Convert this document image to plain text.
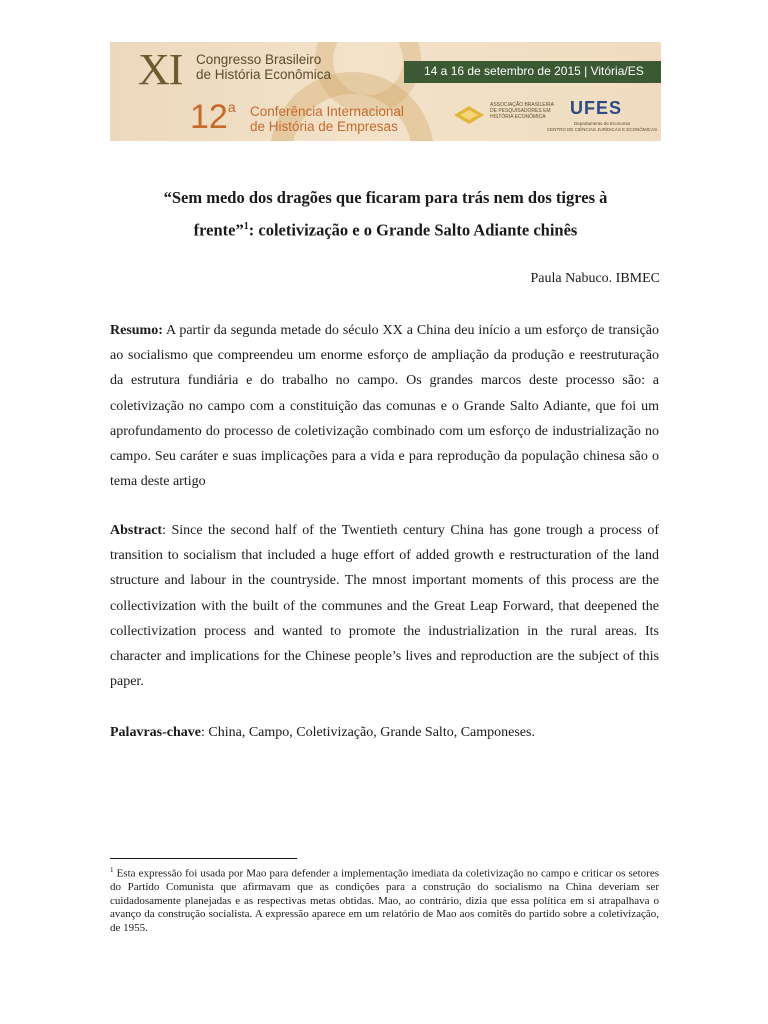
XI Congresso Brasileiro
de História Econômica
12$^a$ Conferência Internacional
de História de Empresas
14 a 16 de setembro de 2015 | Vitória/ES
ASSOCIAÇÃO BRASILEIRA DE PESQUISADORES EM HISTÓRIA ECONÔMICA	UFES
Departamento de Economia
CENTRO DE CIÊNCIAS JURÍDICAS E ECONÔMICAS
“Sem medo dos dragões que ficaram para trás nem dos tigres à
frente”$^1$: coletivização e o Grande Salto Adiante chinês
Paula Nabuco. IBMEC
Resumo: A partir da segunda metade do século XX a China deu início a um esforço de transição ao socialismo que compreendeu um enorme esforço de ampliação da produção e reestruturação da estrutura fundiária e do trabalho no campo. Os grandes marcos deste processo são: a coletivização no campo com a constituição das comunas e o Grande Salto Adiante, que foi um aprofundamento do processo de coletivização combinado com um esforço de industrialização no campo. Seu caráter e suas implicações para a vida e para reprodução da população chinesa são o tema deste artigo
Abstract: Since the second half of the Twentieth century China has gone trough a process of transition to socialism that included a huge effort of added growth e restructuration of the land structure and labour in the countryside. The mnost important moments of this process are the collectivization with the built of the communes and the Great Leap Forward, that deepened the collectivization process and wanted to promote the industrialization in the rural areas. Its character and implications for the Chinese people’s lives and reproduction are the subject of this paper.
Palavras-chave: China, Campo, Coletivização, Grande Salto, Camponeses.
$^1$ Esta expressão foi usada por Mao para defender a implementação imediata da coletivização no campo e criticar os setores do Partido Comunista que afirmavam que as condições para a construção do socialismo na China deveriam ser cuidadosamente planejadas e as respectivas metas obtidas. Mao, ao contrário, dizia que essa política em si atrapalhava o avanço da construção socialista. A expressão aparece em um relatório de Mao aos comitês do partido sobre a coletivização, de 1955.
